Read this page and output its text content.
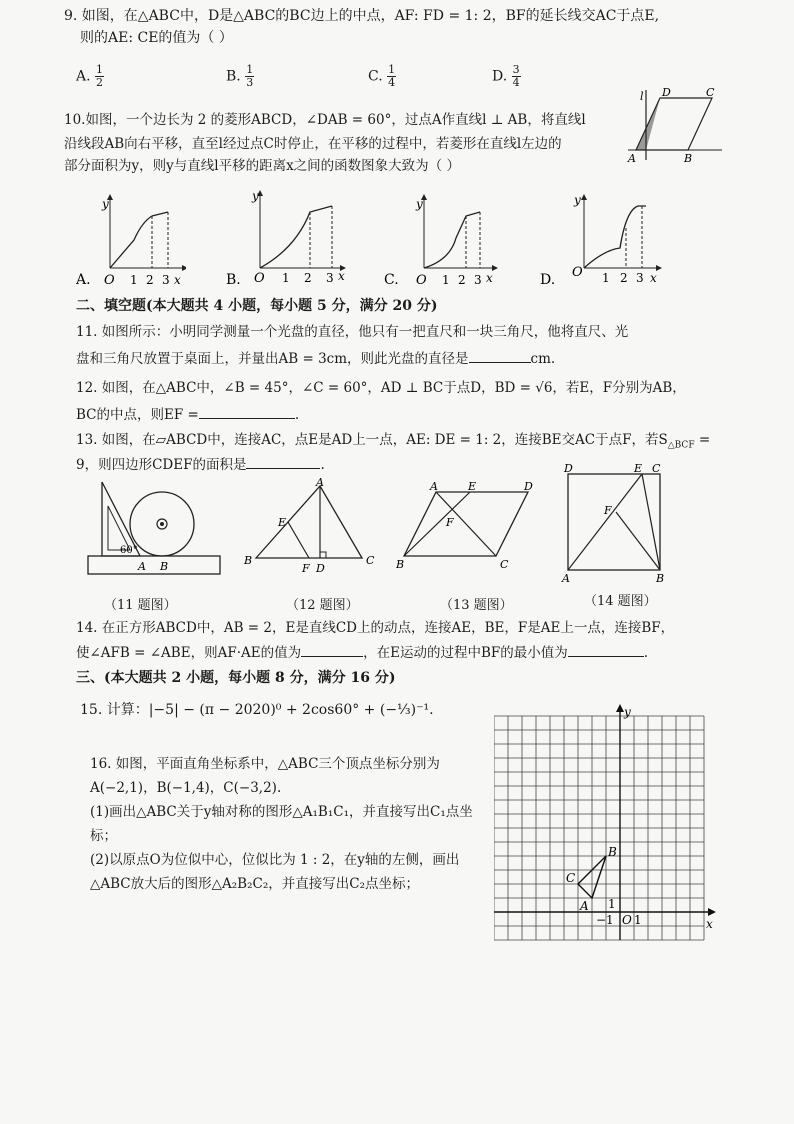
9. 如图，在△ABC中，D是△ABC的BC边上的中点，AF: FD = 1: 2，BF的延长线交AC于点E,
则的AE: CE的值为（ ）
A. $\frac{1}{2}$	B. $\frac{1}{3}$	C. $\frac{1}{4}$	D. $\frac{3}{4}$
10.如图，一个边长为 2 的菱形ABCD，∠DAB = 60°，过点A作直线l ⊥ AB，将直线l
沿线段AB向右平移，直至l经过点C时停止，在平移的过程中，若菱形在直线l左边的
部分面积为y，则y与直线l平移的距离x之间的函数图象大致为（ ）
l D	C
A	B
y
x
O 1 2 3
A.
y
x
O 1 2 3
B.
y
x
O 1 2 3
C.
y
x
O 1 2 3
D.
二、填空题(本大题共 4 小题，每小题 5 分，满分 20 分)
11. 如图所示：小明同学测量一个光盘的直径，他只有一把直尺和一块三角尺，他将直尺、光
盘和三角尺放置于桌面上，并量出AB = 3cm，则此光盘的直径是	cm.
12. 如图，在△ABC中，∠B = 45°，∠C = 60°，AD ⊥ BC于点D，BD = √6，若E，F分别为AB，
BC的中点，则EF =	.
13. 如图，在▱ABCD中，连接AC，点E是AD上一点，AE: DE = 1: 2，连接BE交AC于点F，若$S_{\triangle BCF}$ =
9，则四边形CDEF的面积是	.
60°
A B
（11 题图）
A
E
B
F D
C
（12 题图）
A	E	D
F
B	C
（13 题图）
D	E C
F
A	B
（14 题图）
14. 在正方形ABCD中，AB = 2，E是直线CD上的动点，连接AE，BE，F是AE上一点，连接BF，
使∠AFB = ∠ABE，则AF·AE的值为	，在E运动的过程中BF的最小值为	.
三、(本大题共 2 小题，每小题 8 分，满分 16 分)
15. 计算：|−5| − (π − 2020)⁰ + 2cos60° + (−⅓)⁻¹.
16. 如图，平面直角坐标系中，△ABC三个顶点坐标分别为
A(−2,1)，B(−1,4)，C(−3,2).
(1)画出△ABC关于y轴对称的图形△A₁B₁C₁，并直接写出C₁点坐
标；
(2)以原点O为位似中心，位似比为 1 : 2，在y轴的左侧，画出
△ABC放大后的图形△A₂B₂C₂，并直接写出C₂点坐标；
y
x
A
B
C
1
−1 O 1
